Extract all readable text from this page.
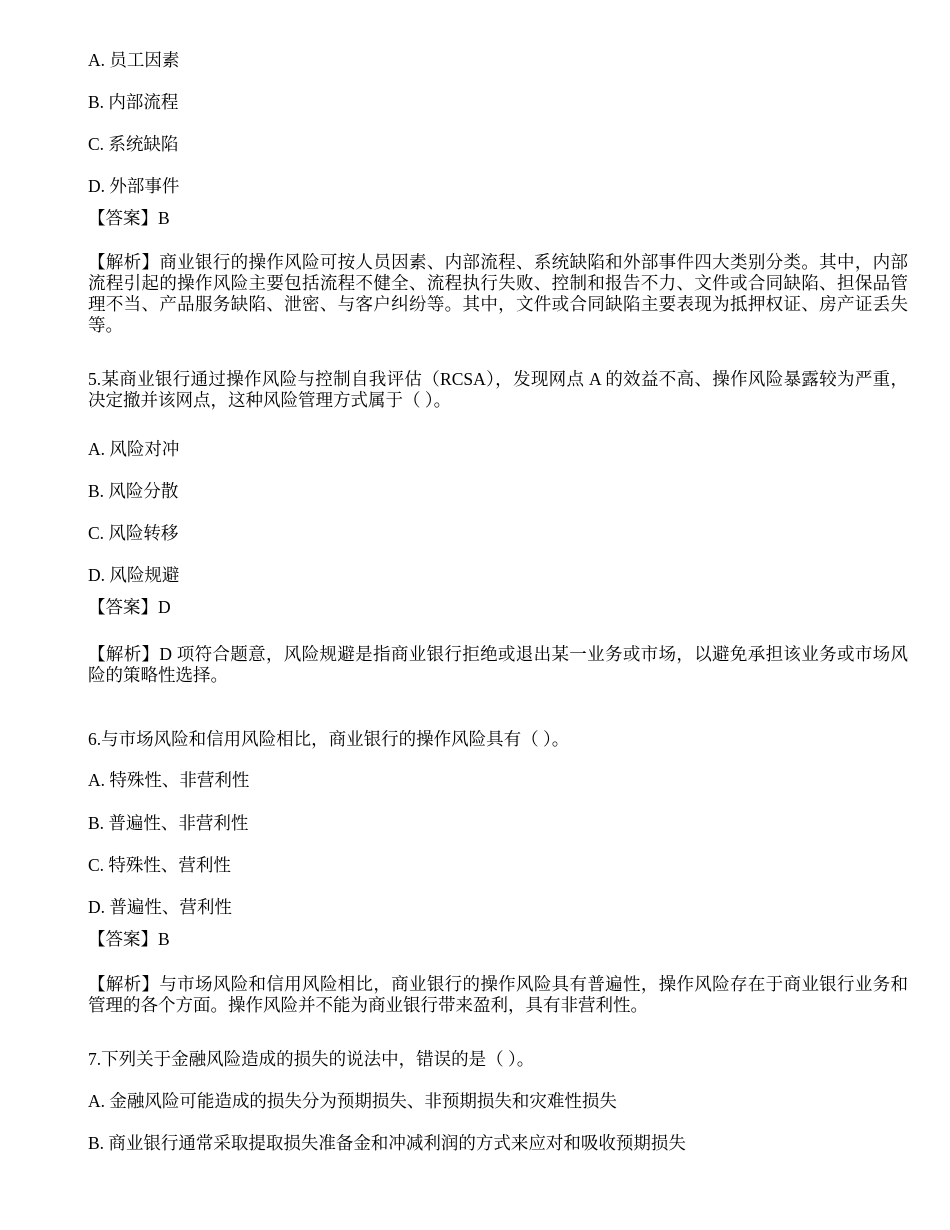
A. 员工因素
B. 内部流程
C. 系统缺陷
D. 外部事件
【答案】B
【解析】商业银行的操作风险可按人员因素、内部流程、系统缺陷和外部事件四大类别分类。其中，内部流程引起的操作风险主要包括流程不健全、流程执行失败、控制和报告不力、文件或合同缺陷、担保品管理不当、产品服务缺陷、泄密、与客户纠纷等。其中，文件或合同缺陷主要表现为抵押权证、房产证丢失等。
5.某商业银行通过操作风险与控制自我评估（RCSA），发现网点 A 的效益不高、操作风险暴露较为严重，决定撤并该网点，这种风险管理方式属于（ ）。
A. 风险对冲
B. 风险分散
C. 风险转移
D. 风险规避
【答案】D
【解析】D 项符合题意，风险规避是指商业银行拒绝或退出某一业务或市场，以避免承担该业务或市场风险的策略性选择。
6.与市场风险和信用风险相比，商业银行的操作风险具有（ ）。
A. 特殊性、非营利性
B. 普遍性、非营利性
C. 特殊性、营利性
D. 普遍性、营利性
【答案】B
【解析】与市场风险和信用风险相比，商业银行的操作风险具有普遍性，操作风险存在于商业银行业务和管理的各个方面。操作风险并不能为商业银行带来盈利，具有非营利性。
7.下列关于金融风险造成的损失的说法中，错误的是（ ）。
A. 金融风险可能造成的损失分为预期损失、非预期损失和灾难性损失
B. 商业银行通常采取提取损失准备金和冲减利润的方式来应对和吸收预期损失
